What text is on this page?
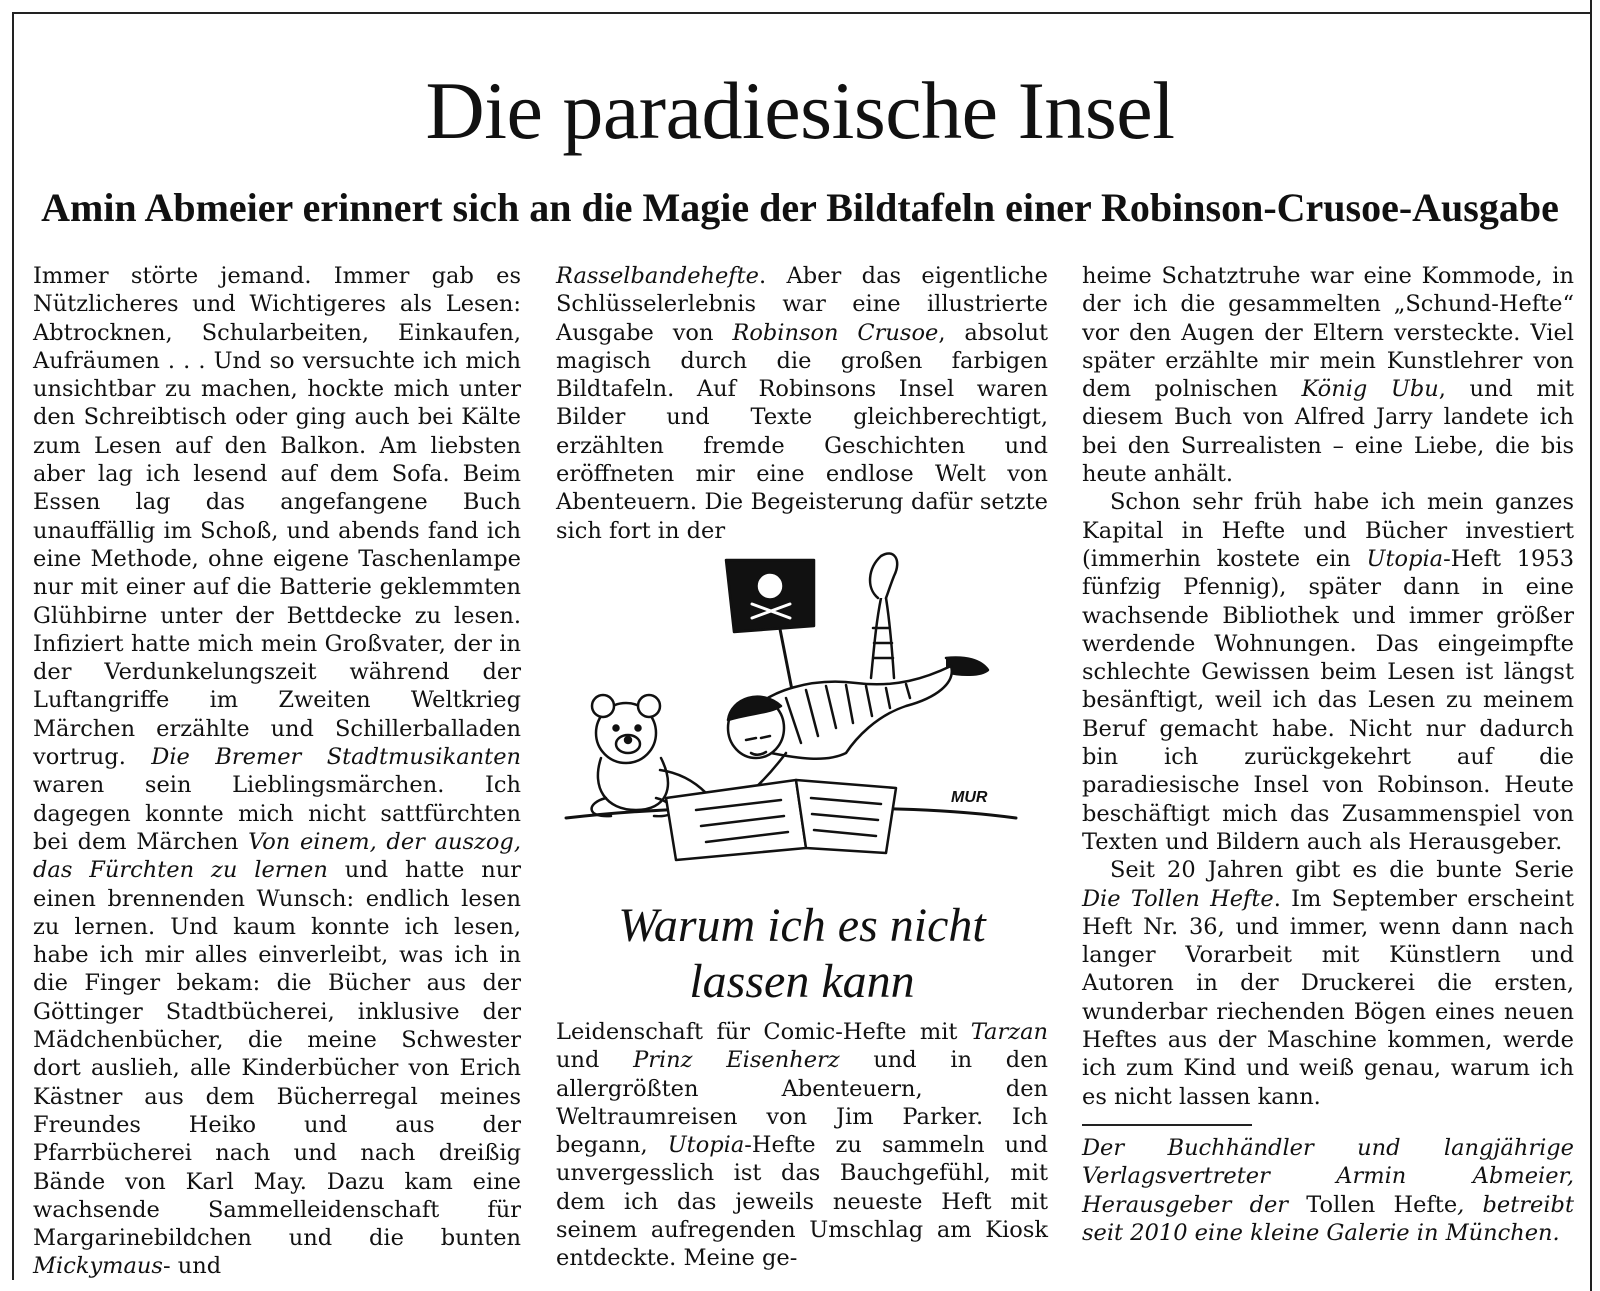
Die paradiesische Insel
Amin Abmeier erinnert sich an die Magie der Bildtafeln einer Robinson-Crusoe-Ausgabe

Immer störte jemand. Immer gab es Nützlicheres und Wichtigeres als Lesen: Abtrocknen, Schularbeiten, Einkaufen, Aufräumen . . . Und so versuchte ich mich unsichtbar zu machen, hockte mich unter den Schreibtisch oder ging auch bei Kälte zum Lesen auf den Balkon. Am liebsten aber lag ich lesend auf dem Sofa. Beim Essen lag das angefangene Buch unauffällig im Schoß, und abends fand ich eine Methode, ohne eigene Taschenlampe nur mit einer auf die Batterie geklemmten Glühbirne unter der Bettdecke zu lesen. Infiziert hatte mich mein Großvater, der in der Verdunkelungszeit während der Luftangriffe im Zweiten Weltkrieg Märchen erzählte und Schillerballaden vortrug. Die Bremer Stadtmusikanten waren sein Lieblingsmärchen. Ich dagegen konnte mich nicht sattfürchten bei dem Märchen Von einem, der auszog, das Fürchten zu lernen und hatte nur einen brennenden Wunsch: endlich lesen zu lernen. Und kaum konnte ich lesen, habe ich mir alles einverleibt, was ich in die Finger bekam: die Bücher aus der Göttinger Stadtbücherei, inklusive der Mädchenbücher, die meine Schwester dort auslieh, alle Kinderbücher von Erich Kästner aus dem Bücherregal meines Freundes Heiko und aus der Pfarrbücherei nach und nach dreißig Bände von Karl May. Dazu kam eine wachsende Sammelleidenschaft für Margarinebildchen und die bunten Mickymaus- und

Rasselbandehefte. Aber das eigentliche Schlüsselerlebnis war eine illustrierte Ausgabe von Robinson Crusoe, absolut magisch durch die großen farbigen Bildtafeln. Auf Robinsons Insel waren Bilder und Texte gleichberechtigt, erzählten fremde Geschichten und eröffneten mir eine endlose Welt von Abenteuern. Die Begeisterung dafür setzte sich fort in der

MUR
Warum ich es nicht lassen kann

Leidenschaft für Comic-Hefte mit Tarzan und Prinz Eisenherz und in den allergrößten Abenteuern, den Weltraumreisen von Jim Parker. Ich begann, Utopia-Hefte zu sammeln und unvergesslich ist das Bauchgefühl, mit dem ich das jeweils neueste Heft mit seinem aufregenden Umschlag am Kiosk entdeckte. Meine ge-

heime Schatztruhe war eine Kommode, in der ich die gesammelten „Schund-Hefte“ vor den Augen der Eltern versteckte. Viel später erzählte mir mein Kunstlehrer von dem polnischen König Ubu, und mit diesem Buch von Alfred Jarry landete ich bei den Surrealisten – eine Liebe, die bis heute anhält.

Schon sehr früh habe ich mein ganzes Kapital in Hefte und Bücher investiert (immerhin kostete ein Utopia-Heft 1953 fünfzig Pfennig), später dann in eine wachsende Bibliothek und immer größer werdende Wohnungen. Das eingeimpfte schlechte Gewissen beim Lesen ist längst besänftigt, weil ich das Lesen zu meinem Beruf gemacht habe. Nicht nur dadurch bin ich zurückgekehrt auf die paradiesische Insel von Robinson. Heute beschäftigt mich das Zusammenspiel von Texten und Bildern auch als Herausgeber.

Seit 20 Jahren gibt es die bunte Serie Die Tollen Hefte. Im September erscheint Heft Nr. 36, und immer, wenn dann nach langer Vorarbeit mit Künstlern und Autoren in der Druckerei die ersten, wunderbar riechenden Bögen eines neuen Heftes aus der Maschine kommen, werde ich zum Kind und weiß genau, warum ich es nicht lassen kann.

Der Buchhändler und langjährige Verlagsvertreter Armin Abmeier, Herausgeber der Tollen Hefte, betreibt seit 2010 eine kleine Galerie in München.
